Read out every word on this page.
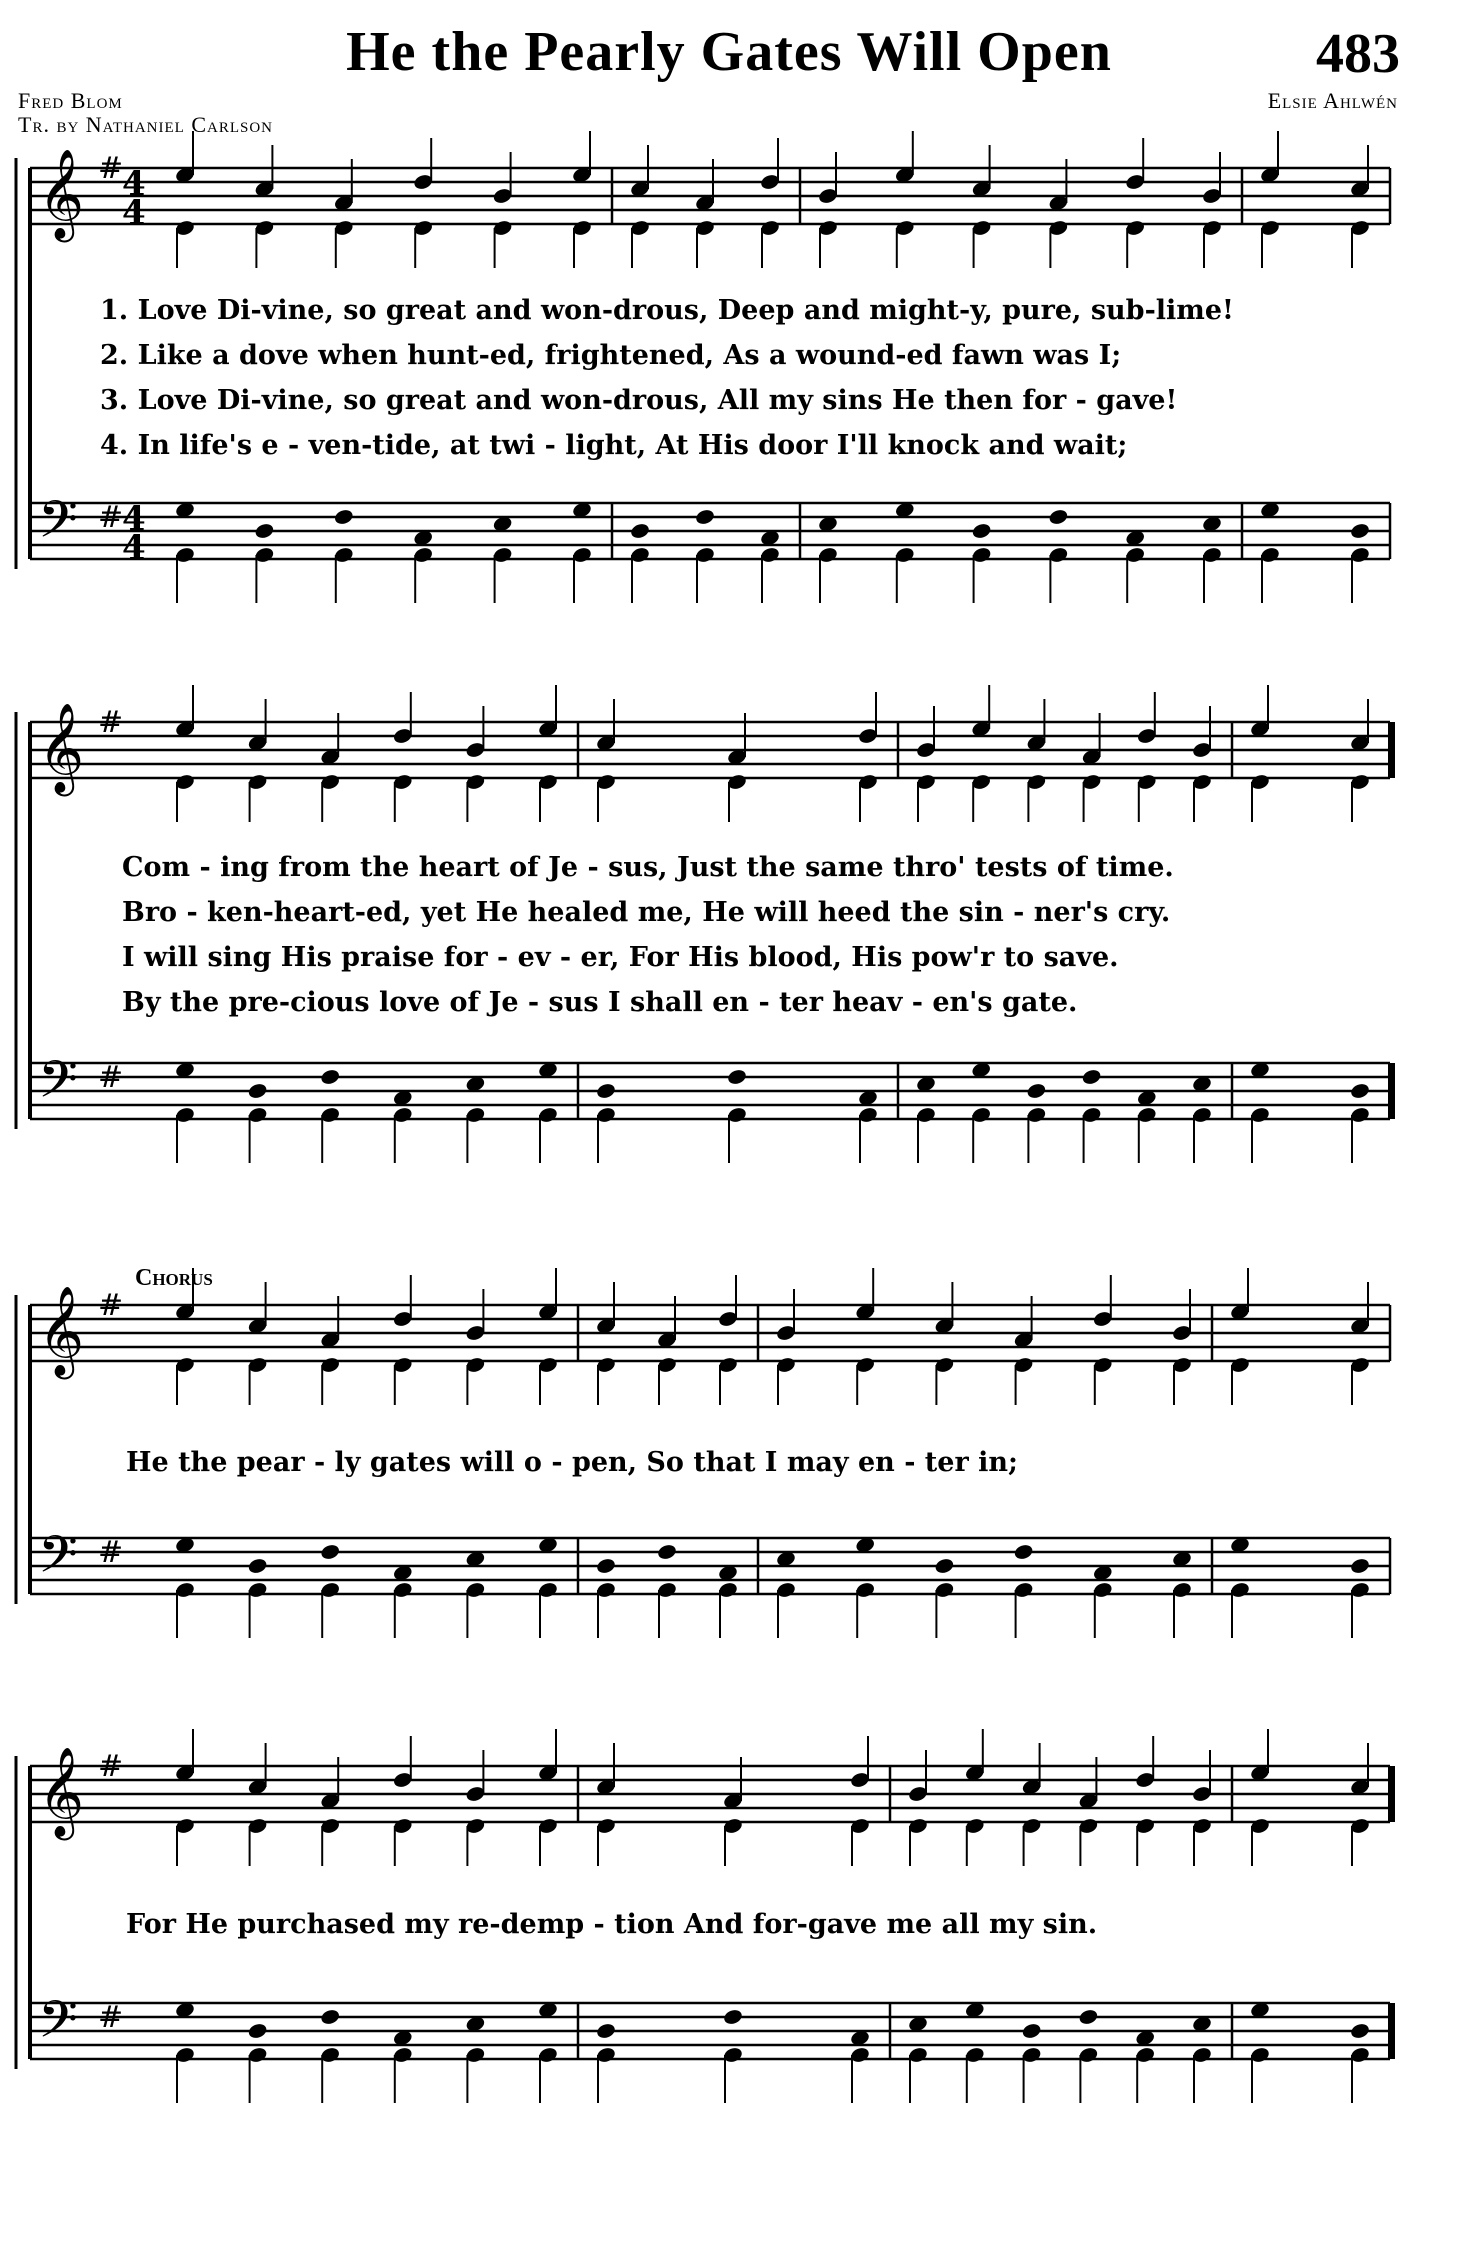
He the Pearly Gates Will Open	483
Fred Blom
Tr. by Nathaniel Carlson
Elsie Ahlwén
𝄞
𝄢
#
#
4
4
4
4
𝄞
𝄢
#
#
𝄞
𝄢
#
#
𝄞
𝄢
#
#
1. Love Di-vine, so great and won-drous, Deep and might-y, pure, sub-lime!
2. Like a dove when hunt-ed, frightened, As a wound-ed fawn was I;
3. Love Di-vine, so great and won-drous, All my sins He then for - gave!
4. In life's e - ven-tide, at twi - light, At His door I'll knock and wait;
Com - ing from the heart of Je - sus, Just the same thro' tests of time.
Bro - ken-heart-ed, yet He healed me, He will heed the sin - ner's cry.
I will sing His praise for - ev - er, For His blood, His pow'r to save.
By the pre-cious love of Je - sus I shall en - ter heav - en's gate.
Chorus
He the pear - ly gates will o - pen, So that I may en - ter in;
For He purchased my re-demp - tion And for-gave me all my sin.
